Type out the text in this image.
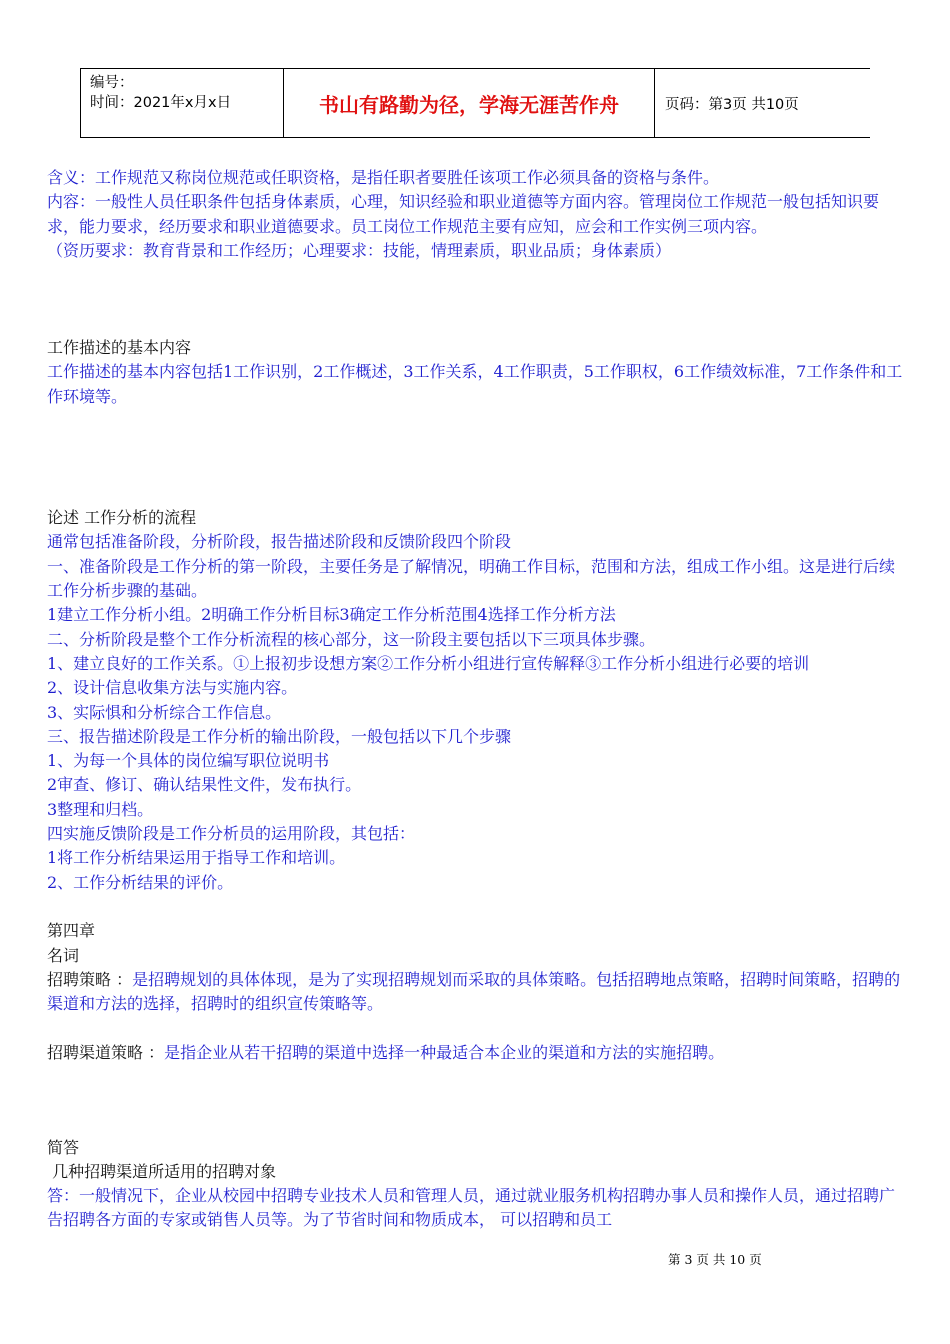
编号：
时间：2021年x月x日	书山有路勤为径，学海无涯苦作舟	页码：第3页 共10页

含义：工作规范又称岗位规范或任职资格，是指任职者要胜任该项工作必须具备的资格与条件。

内容：一般性人员任职条件包括身体素质，心理，知识经验和职业道德等方面内容。管理岗位工作规范一般包括知识要求，能力要求，经历要求和职业道德要求。员工岗位工作规范主要有应知，应会和工作实例三项内容。

（资历要求：教育背景和工作经历；心理要求：技能，情理素质，职业品质；身体素质）

工作描述的基本内容

工作描述的基本内容包括1工作识别，2工作概述，3工作关系，4工作职责，5工作职权，6工作绩效标准，7工作条件和工作环境等。

论述 工作分析的流程

通常包括准备阶段，分析阶段，报告描述阶段和反馈阶段四个阶段

一、准备阶段是工作分析的第一阶段，主要任务是了解情况，明确工作目标，范围和方法，组成工作小组。这是进行后续工作分析步骤的基础。

1建立工作分析小组。2明确工作分析目标3确定工作分析范围4选择工作分析方法

二、分析阶段是整个工作分析流程的核心部分，这一阶段主要包括以下三项具体步骤。

1、建立良好的工作关系。①上报初步设想方案②工作分析小组进行宣传解释③工作分析小组进行必要的培训

2、设计信息收集方法与实施内容。

3、实际惧和分析综合工作信息。

三、报告描述阶段是工作分析的输出阶段，一般包括以下几个步骤

1、为每一个具体的岗位编写职位说明书

2审查、修订、确认结果性文件，发布执行。

3整理和归档。

四实施反馈阶段是工作分析员的运用阶段，其包括：

1将工作分析结果运用于指导工作和培训。

2、工作分析结果的评价。

第四章

名词

招聘策略 ：是招聘规划的具体体现，是为了实现招聘规划而采取的具体策略。包括招聘地点策略，招聘时间策略，招聘的渠道和方法的选择，招聘时的组织宣传策略等。

招聘渠道策略 ：是指企业从若干招聘的渠道中选择一种最适合本企业的渠道和方法的实施招聘。

简答

几种招聘渠道所适用的招聘对象

答：一般情况下，企业从校园中招聘专业技术人员和管理人员，通过就业服务机构招聘办事人员和操作人员，通过招聘广告招聘各方面的专家或销售人员等。为了节省时间和物质成本， 可以招聘和员工

第 3 页 共 10 页
